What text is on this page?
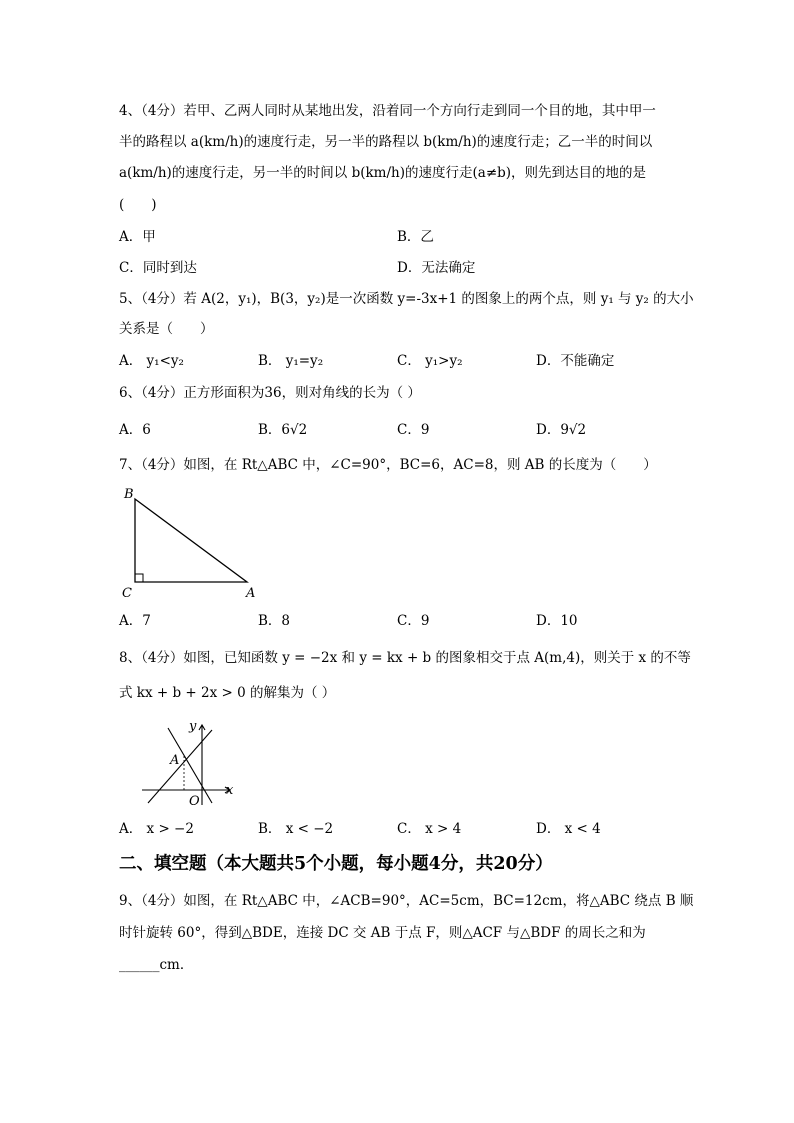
4、（4分）若甲、乙两人同时从某地出发，沿着同一个方向行走到同一个目的地，其中甲一
半的路程以 a(km/h)的速度行走，另一半的路程以 b(km/h)的速度行走；乙一半的时间以
a(km/h)的速度行走，另一半的时间以 b(km/h)的速度行走(a≠b)，则先到达目的地的是
(　　)
A．甲	B．乙
C．同时到达	D．无法确定
5、（4分）若 A(2，y₁)，B(3，y₂)是一次函数 y=-3x+1 的图象上的两个点，则 y₁ 与 y₂ 的大小
关系是（　　）
A． y₁<y₂	B． y₁=y₂	C． y₁>y₂	D．不能确定
6、（4分）正方形面积为36，则对角线的长为（ ）
A．6	B．6√2	C．9	D．9√2
7、（4分）如图，在 Rt△ABC 中，∠C=90°，BC=6，AC=8，则 AB 的长度为（　　）
B
C	A
A．7	B．8	C．9	D．10
8、（4分）如图，已知函数 y = −2x 和 y = kx + b 的图象相交于点 A(m,4)，则关于 x 的不等
式 kx + b + 2x > 0 的解集为（ ）
y
A
O
x
A． x > −2	B． x < −2	C． x > 4	D． x < 4
二、填空题（本大题共5个小题，每小题4分，共20分）
9、（4分）如图，在 Rt△ABC 中，∠ACB=90°，AC=5cm，BC=12cm，将△ABC 绕点 B 顺
时针旋转 60°，得到△BDE，连接 DC 交 AB 于点 F，则△ACF 与△BDF 的周长之和为
______cm．
